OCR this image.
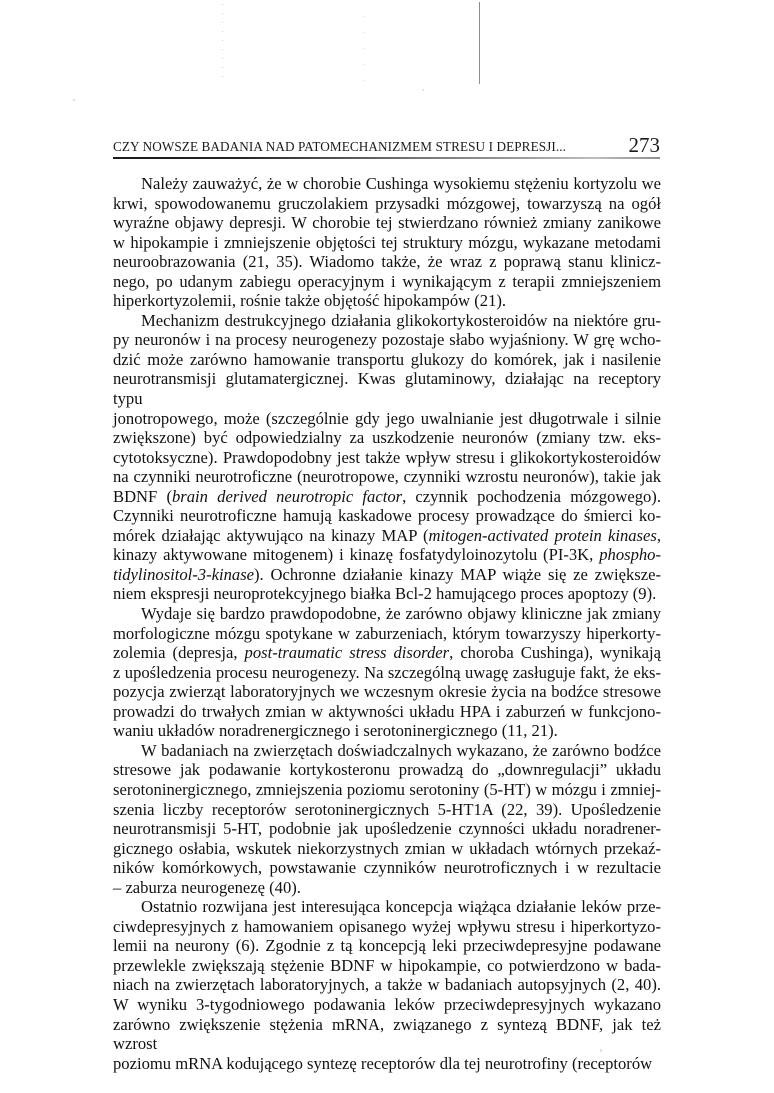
CZY NOWSZE BADANIA NAD PATOMECHANIZMEM STRESU I DEPRESJI...	273

Należy zauważyć, że w chorobie Cushinga wysokiemu stężeniu kortyzolu we
krwi, spowodowanemu gruczolakiem przysadki mózgowej, towarzyszą na ogół
wyraźne objawy depresji. W chorobie tej stwierdzano również zmiany zanikowe
w hipokampie i zmniejszenie objętości tej struktury mózgu, wykazane metodami
neuroobrazowania (21, 35). Wiadomo także, że wraz z poprawą stanu klinicz-
nego, po udanym zabiegu operacyjnym i wynikającym z terapii zmniejszeniem
hiperkortyzolemii, rośnie także objętość hipokampów (21).

Mechanizm destrukcyjnego działania glikokortykosteroidów na niektóre gru-
py neuronów i na procesy neurogenezy pozostaje słabo wyjaśniony. W grę wcho-
dzić może zarówno hamowanie transportu glukozy do komórek, jak i nasilenie
neurotransmisji glutamatergicznej. Kwas glutaminowy, działając na receptory typu
jonotropowego, może (szczególnie gdy jego uwalnianie jest długotrwale i silnie
zwiększone) być odpowiedzialny za uszkodzenie neuronów (zmiany tzw. eks-
cytotoksyczne). Prawdopodobny jest także wpływ stresu i glikokortykosteroidów
na czynniki neurotroficzne (neurotropowe, czynniki wzrostu neuronów), takie jak
BDNF (brain derived neurotropic factor, czynnik pochodzenia mózgowego).
Czynniki neurotroficzne hamują kaskadowe procesy prowadzące do śmierci ko-
mórek działając aktywująco na kinazy MAP (mitogen-activated protein kinases,
kinazy aktywowane mitogenem) i kinazę fosfatydyloinozytolu (PI-3K, phospho-
tidylinositol-3-kinase). Ochronne działanie kinazy MAP wiąże się ze zwiększe-
niem ekspresji neuroprotekcyjnego białka Bcl-2 hamującego proces apoptozy (9).

Wydaje się bardzo prawdopodobne, że zarówno objawy kliniczne jak zmiany
morfologiczne mózgu spotykane w zaburzeniach, którym towarzyszy hiperkorty-
zolemia (depresja, post-traumatic stress disorder, choroba Cushinga), wynikają
z upośledzenia procesu neurogenezy. Na szczególną uwagę zasługuje fakt, że eks-
pozycja zwierząt laboratoryjnych we wczesnym okresie życia na bodźce stresowe
prowadzi do trwałych zmian w aktywności układu HPA i zaburzeń w funkcjono-
waniu układów noradrenergicznego i serotoninergicznego (11, 21).

W badaniach na zwierzętach doświadczalnych wykazano, że zarówno bodźce
stresowe jak podawanie kortykosteronu prowadzą do „downregulacji” układu
serotoninergicznego, zmniejszenia poziomu serotoniny (5-HT) w mózgu i zmniej-
szenia liczby receptorów serotoninergicznych 5-HT1A (22, 39). Upośledzenie
neurotransmisji 5-HT, podobnie jak upośledzenie czynności układu noradrener-
gicznego osłabia, wskutek niekorzystnych zmian w układach wtórnych przekaź-
ników komórkowych, powstawanie czynników neurotroficznych i w rezultacie
– zaburza neurogenezę (40).

Ostatnio rozwijana jest interesująca koncepcja wiążąca działanie leków prze-
ciwdepresyjnych z hamowaniem opisanego wyżej wpływu stresu i hiperkortyzo-
lemii na neurony (6). Zgodnie z tą koncepcją leki przeciwdepresyjne podawane
przewlekle zwiększają stężenie BDNF w hipokampie, co potwierdzono w bada-
niach na zwierzętach laboratoryjnych, a także w badaniach autopsyjnych (2, 40).
W wyniku 3-tygodniowego podawania leków przeciwdepresyjnych wykazano
zarówno zwiększenie stężenia mRNA, związanego z syntezą BDNF, jak też wzrost
poziomu mRNA kodującego syntezę receptorów dla tej neurotrofiny (receptorów
